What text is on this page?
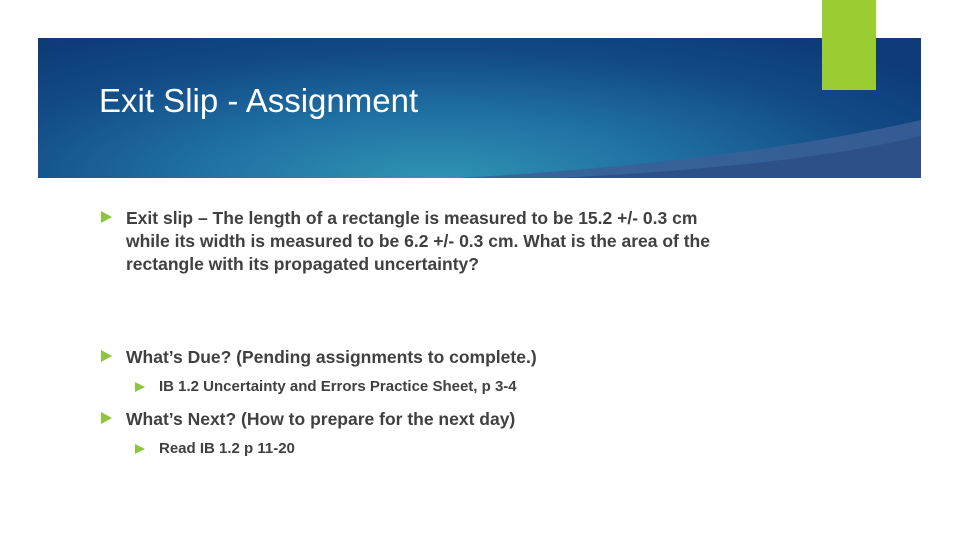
Exit Slip - Assignment
Exit slip – The length of a rectangle is measured to be 15.2 +/- 0.3 cm
while its width is measured to be 6.2 +/- 0.3 cm. What is the area of the
rectangle with its propagated uncertainty?
What’s Due? (Pending assignments to complete.)
IB 1.2 Uncertainty and Errors Practice Sheet, p 3-4
What’s Next? (How to prepare for the next day)
Read IB 1.2 p 11-20
